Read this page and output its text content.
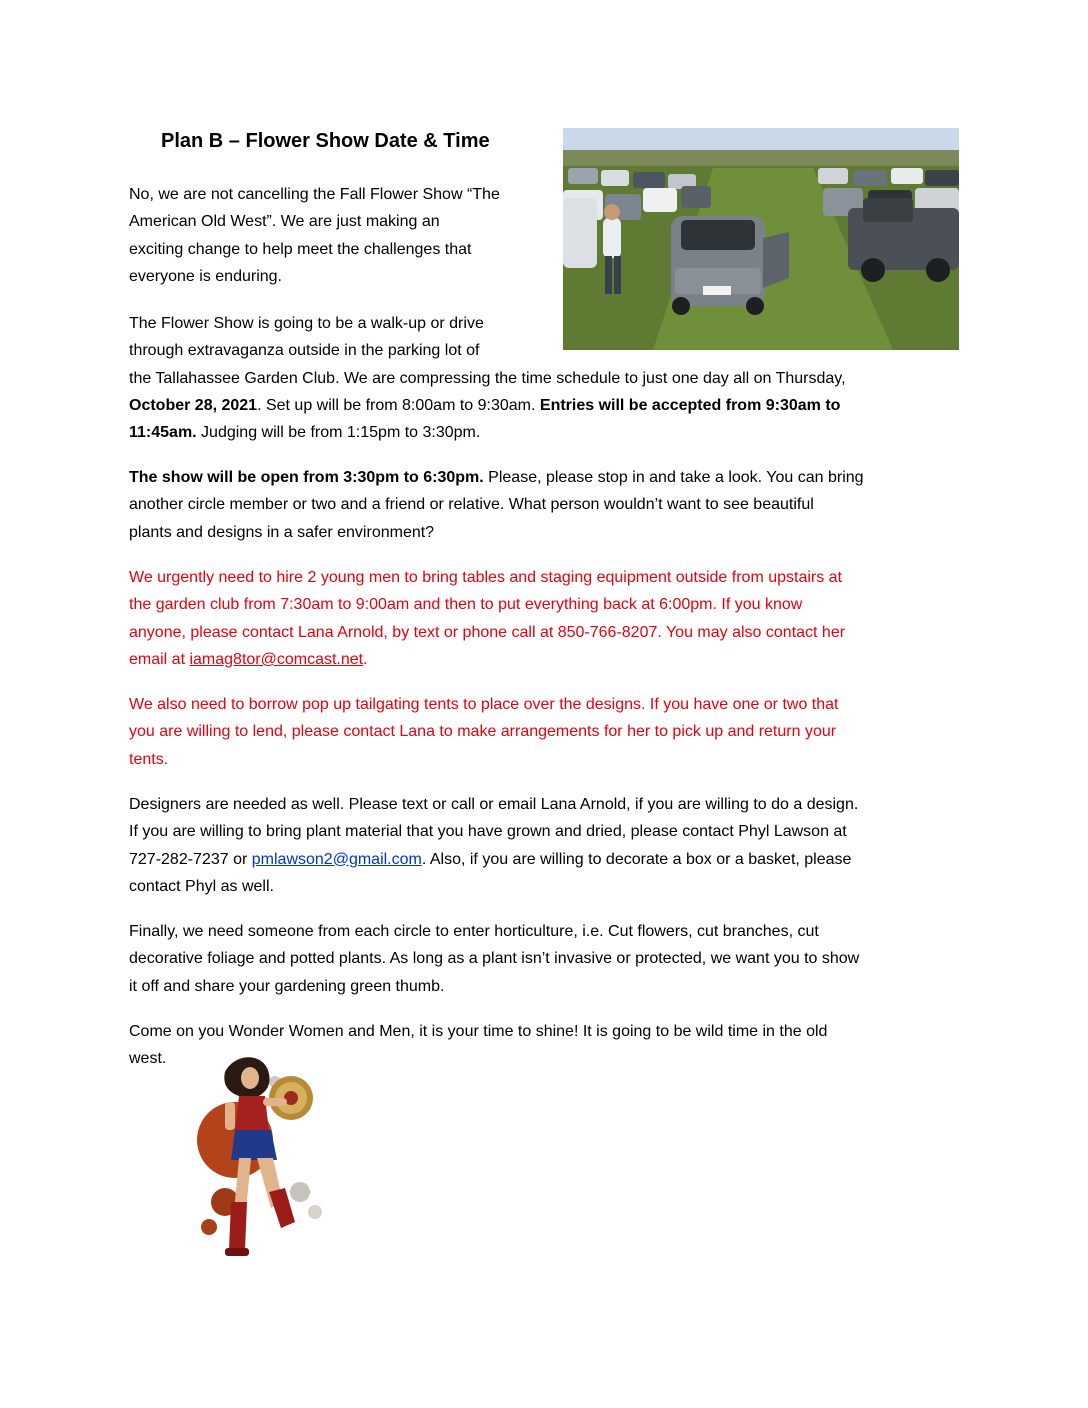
Plan B – Flower Show Date & Time

No, we are not cancelling the Fall Flower Show “The
American Old West”. We are just making an
exciting change to help meet the challenges that
everyone is enduring.

The Flower Show is going to be a walk-up or drive
through extravaganza outside in the parking lot of
the Tallahassee Garden Club. We are compressing the time schedule to just one day all on Thursday,
October 28, 2021. Set up will be from 8:00am to 9:30am. Entries will be accepted from 9:30am to
11:45am. Judging will be from 1:15pm to 3:30pm.

The show will be open from 3:30pm to 6:30pm. Please, please stop in and take a look. You can bring
another circle member or two and a friend or relative. What person wouldn’t want to see beautiful
plants and designs in a safer environment?

We urgently need to hire 2 young men to bring tables and staging equipment outside from upstairs at
the garden club from 7:30am to 9:00am and then to put everything back at 6:00pm. If you know
anyone, please contact Lana Arnold, by text or phone call at 850-766-8207. You may also contact her
email at iamag8tor@comcast.net.

We also need to borrow pop up tailgating tents to place over the designs. If you have one or two that
you are willing to lend, please contact Lana to make arrangements for her to pick up and return your
tents.

Designers are needed as well. Please text or call or email Lana Arnold, if you are willing to do a design.
If you are willing to bring plant material that you have grown and dried, please contact Phyl Lawson at
727-282-7237 or pmlawson2@gmail.com. Also, if you are willing to decorate a box or a basket, please
contact Phyl as well.

Finally, we need someone from each circle to enter horticulture, i.e. Cut flowers, cut branches, cut
decorative foliage and potted plants. As long as a plant isn’t invasive or protected, we want you to show
it off and share your gardening green thumb.

Come on you Wonder Women and Men, it is your time to shine! It is going to be wild time in the old
west.
